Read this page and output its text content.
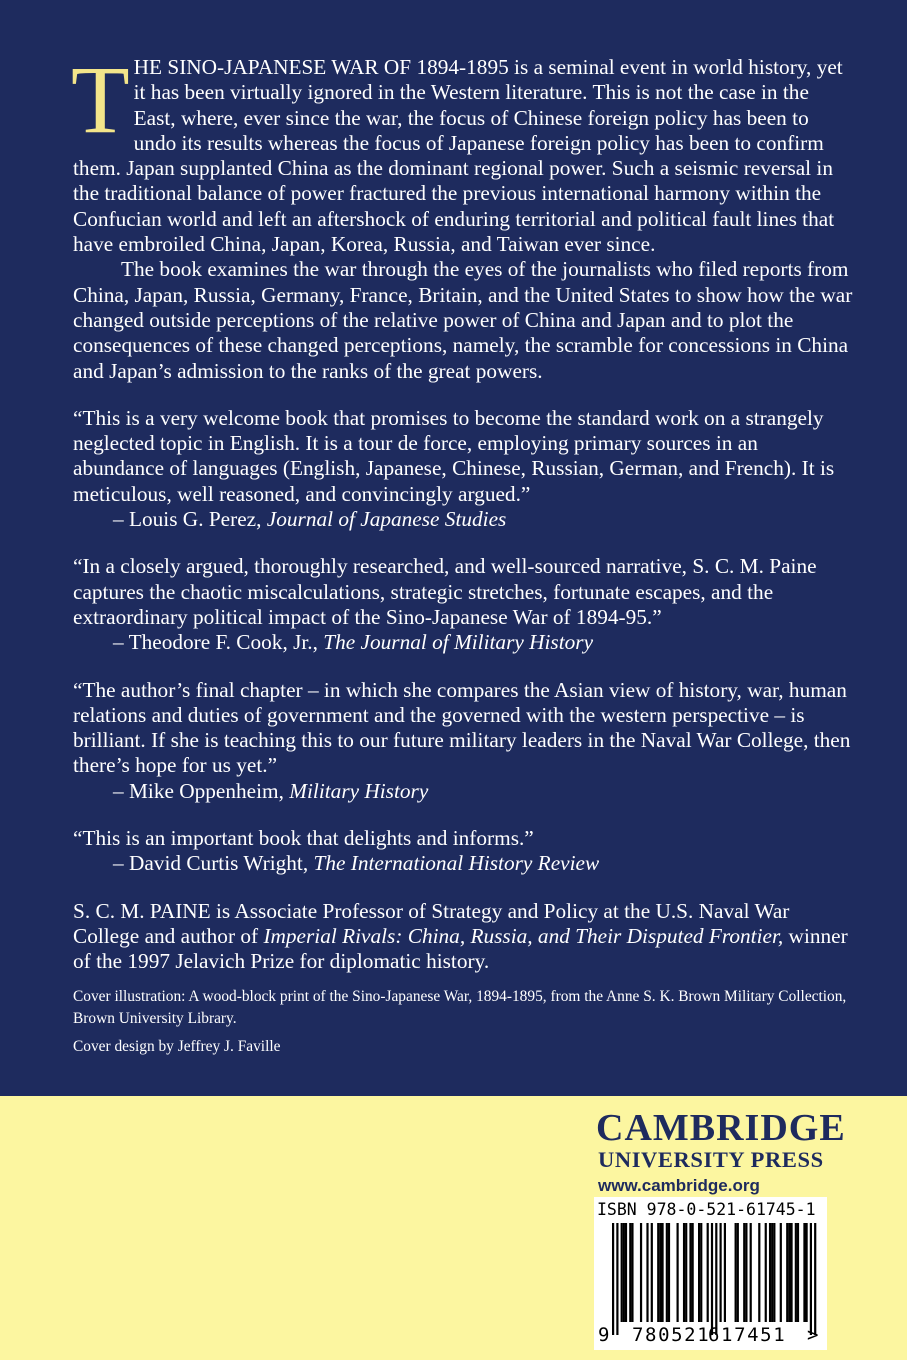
THE SINO-JAPANESE WAR OF 1894-1895 is a seminal event in world history, yet it has been virtually ignored in the Western literature. This is not the case in the East, where, ever since the war, the focus of Chinese foreign policy has been to undo its results whereas the focus of Japanese foreign policy has been to confirm them. Japan supplanted China as the dominant regional power. Such a seismic reversal in the traditional balance of power fractured the previous international harmony within the Confucian world and left an aftershock of enduring territorial and political fault lines that have embroiled China, Japan, Korea, Russia, and Taiwan ever since.

The book examines the war through the eyes of the journalists who filed reports from China, Japan, Russia, Germany, France, Britain, and the United States to show how the war changed outside perceptions of the relative power of China and Japan and to plot the consequences of these changed perceptions, namely, the scramble for concessions in China and Japan’s admission to the ranks of the great powers.

“This is a very welcome book that promises to become the standard work on a strangely neglected topic in English. It is a tour de force, employing primary sources in an abundance of languages (English, Japanese, Chinese, Russian, German, and French). It is meticulous, well reasoned, and convincingly argued.”

– Louis G. Perez, Journal of Japanese Studies

“In a closely argued, thoroughly researched, and well-sourced narrative, S. C. M. Paine captures the chaotic miscalculations, strategic stretches, fortunate escapes, and the extraordinary political impact of the Sino-Japanese War of 1894-95.”

– Theodore F. Cook, Jr., The Journal of Military History

“The author’s final chapter – in which she compares the Asian view of history, war, human relations and duties of government and the governed with the western perspective – is brilliant. If she is teaching this to our future military leaders in the Naval War College, then there’s hope for us yet.”

– Mike Oppenheim, Military History

“This is an important book that delights and informs.”

– David Curtis Wright, The International History Review

S. C. M. PAINE is Associate Professor of Strategy and Policy at the U.S. Naval War College and author of Imperial Rivals: China, Russia, and Their Disputed Frontier, winner of the 1997 Jelavich Prize for diplomatic history.

Cover illustration: A wood-block print of the Sino-Japanese War, 1894-1895, from the Anne S. K. Brown Military Collection, Brown University Library.

Cover design by Jeffrey J. Faville

CAMBRIDGE
UNIVERSITY PRESS
www.cambridge.org
ISBN 978-0-521-61745-1
9 780521
617451 >
